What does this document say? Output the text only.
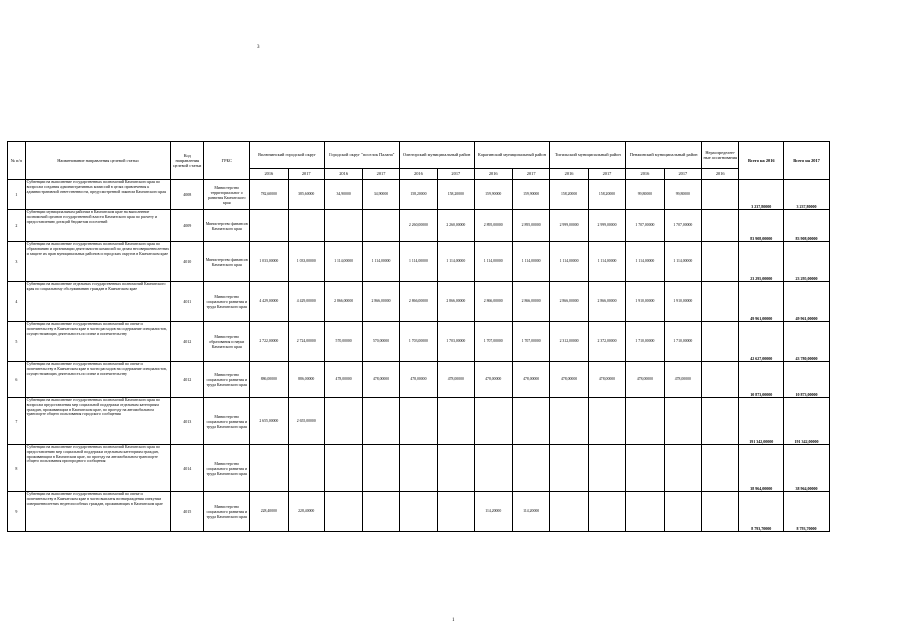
3
№ п/п	Наименование направления целевой статьи	Код направления целевой статьи	ГРБС	Вилючинский городской округ		Городской округ "поселок Палана"		Олюторский муниципальный район		Карагинский муниципальный район		Тигильский муниципальный район		Пенжинский муниципальный район		Нераспределен-ные ассигнования	Всего на 2016	Всего на 2017
				2016	2017	2016	2017	2016	2017	2016	2017	2016	2017	2016	2017	2016		
1	Субвенции на выполнение государственных полномочий Камчатского края по вопросам создания административных комиссий в целях привлечения к административной ответственности, предусмотренной законом Камчатского края	4008	Министерство территориальног о развития Камчатского края	782,60000	385,60000	34,90000	34,90000	158,20000	158,20000	159,90000	159,90000	158,20000	158,20000	99,80000	99,80000		3 237,80000	3 237,80000
2	Субвенции муниципальным районам в Камчатском крае на выполнение полномочий органов государственной власти Камчатского края по расчету и предоставлению дотаций бюджетам поселений	4009	Министерство финансов Камчатского края					2 260,00000	2 260,00000	2 895,00000	2 895,00000	2 999,00000	2 999,00000	1 707,00000	1 707,00000		83 908,00000	83 908,00000
3	Субвенции на выполнение государственных полномочий Камчатского края по образованию и организации деятельности комиссий по делам несовершеннолетних и защите их прав муниципальных районов и городских округов в Камчатском крае	4010	Министерство финансов Камчатского края	1 033,00000	1 033,00000	1 114,00000	1 114,00000	1 114,00000	1 114,00000	1 114,00000	1 114,00000	1 114,00000	1 114,00000	1 114,00000	1 114,00000		23 295,00000	23 295,00000
4	Субвенции на выполнение отдельных государственных полномочий Камчатского края по социальному обслуживанию граждан в Камчатском крае	4011	Министерство социального развития и труда Камчатского края	4 429,00000	4 429,00000	2 866,00000	2 866,00000	2 866,00000	2 866,00000	2 866,00000	2 866,00000	2 866,00000	2 866,00000	1 910,00000	1 910,00000		49 961,00000	49 961,00000
5	Субвенции на выполнение государственных полномочий по опеке и попечительству в Камчатском крае в части расходов на содержание специалистов, осуществляющих деятельность по опеке и попечительству	4012	Министерство образования и науки Камчатского края	2 722,00000	2 724,00000	570,00000	570,00000	1 703,00000	1 703,00000	1 707,00000	1 707,00000	2 312,00000	2 372,00000	1 710,00000	1 710,00000		42 627,00000	43 780,00000
6	Субвенции на выполнение государственных полномочий по опеке и попечительству в Камчатском крае в части расходов на содержание специалистов, осуществляющих деятельность по опеке и попечительству	4012	Министерство социального развития и труда Камчатского края	886,00000	886,00000	478,00000	478,00000	478,00000	478,00000	478,00000	478,00000	478,00000	478,00000	478,00000	478,00000		10 873,00000	10 873,00000
7	Субвенции на выполнение государственных полномочий Камчатского края по вопросам предоставления мер социальной поддержки отдельным категориям граждан, проживающим в Камчатском крае, по проезду на автомобильном транспорте общего пользования городского сообщения	4013	Министерство социального развития и труда Камчатского края	2 655,00000	2 655,00000												191 342,00000	191 342,00000
8	Субвенции на выполнение государственных полномочий Камчатского края по предоставлению мер социальной поддержки отдельным категориям граждан, проживающим в Камчатском крае, по проезду на автомобильном транспорте общего пользования пригородного сообщения	4014	Министерство социального развития и труда Камчатского края														38 964,00000	38 964,00000
9	Субвенции на выполнение государственных полномочий по опеке и попечительству в Камчатском крае в части выплаты вознаграждения опекунам совершеннолетних недееспособных граждан, проживающих в Камчатском крае	4015	Министерство социального развития и труда Камчатского края	228,40000	228,40000					114,20000	114,20000						8 793,70000	8 793,70000
1
